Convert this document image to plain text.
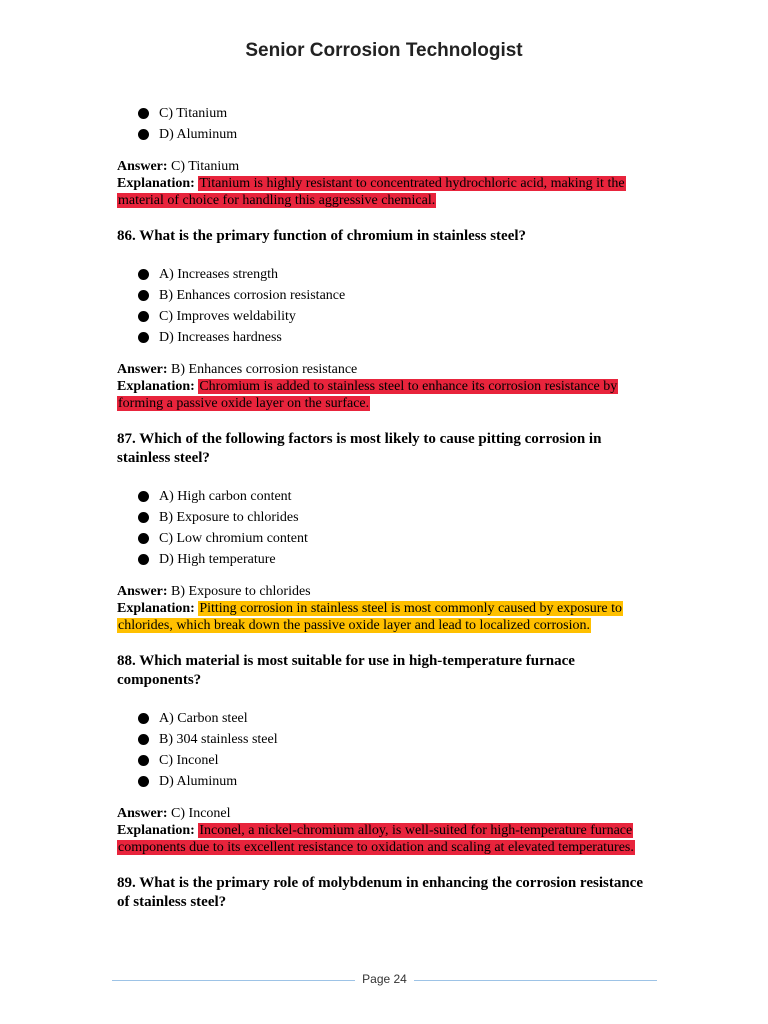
Senior Corrosion Technologist
C) Titanium
D) Aluminum
Answer: C) Titanium
Explanation: Titanium is highly resistant to concentrated hydrochloric acid, making it the material of choice for handling this aggressive chemical.
86. What is the primary function of chromium in stainless steel?
A) Increases strength
B) Enhances corrosion resistance
C) Improves weldability
D) Increases hardness
Answer: B) Enhances corrosion resistance
Explanation: Chromium is added to stainless steel to enhance its corrosion resistance by forming a passive oxide layer on the surface.
87. Which of the following factors is most likely to cause pitting corrosion in stainless steel?
A) High carbon content
B) Exposure to chlorides
C) Low chromium content
D) High temperature
Answer: B) Exposure to chlorides
Explanation: Pitting corrosion in stainless steel is most commonly caused by exposure to chlorides, which break down the passive oxide layer and lead to localized corrosion.
88. Which material is most suitable for use in high-temperature furnace components?
A) Carbon steel
B) 304 stainless steel
C) Inconel
D) Aluminum
Answer: C) Inconel
Explanation: Inconel, a nickel-chromium alloy, is well-suited for high-temperature furnace components due to its excellent resistance to oxidation and scaling at elevated temperatures.
89. What is the primary role of molybdenum in enhancing the corrosion resistance of stainless steel?
Page 24
